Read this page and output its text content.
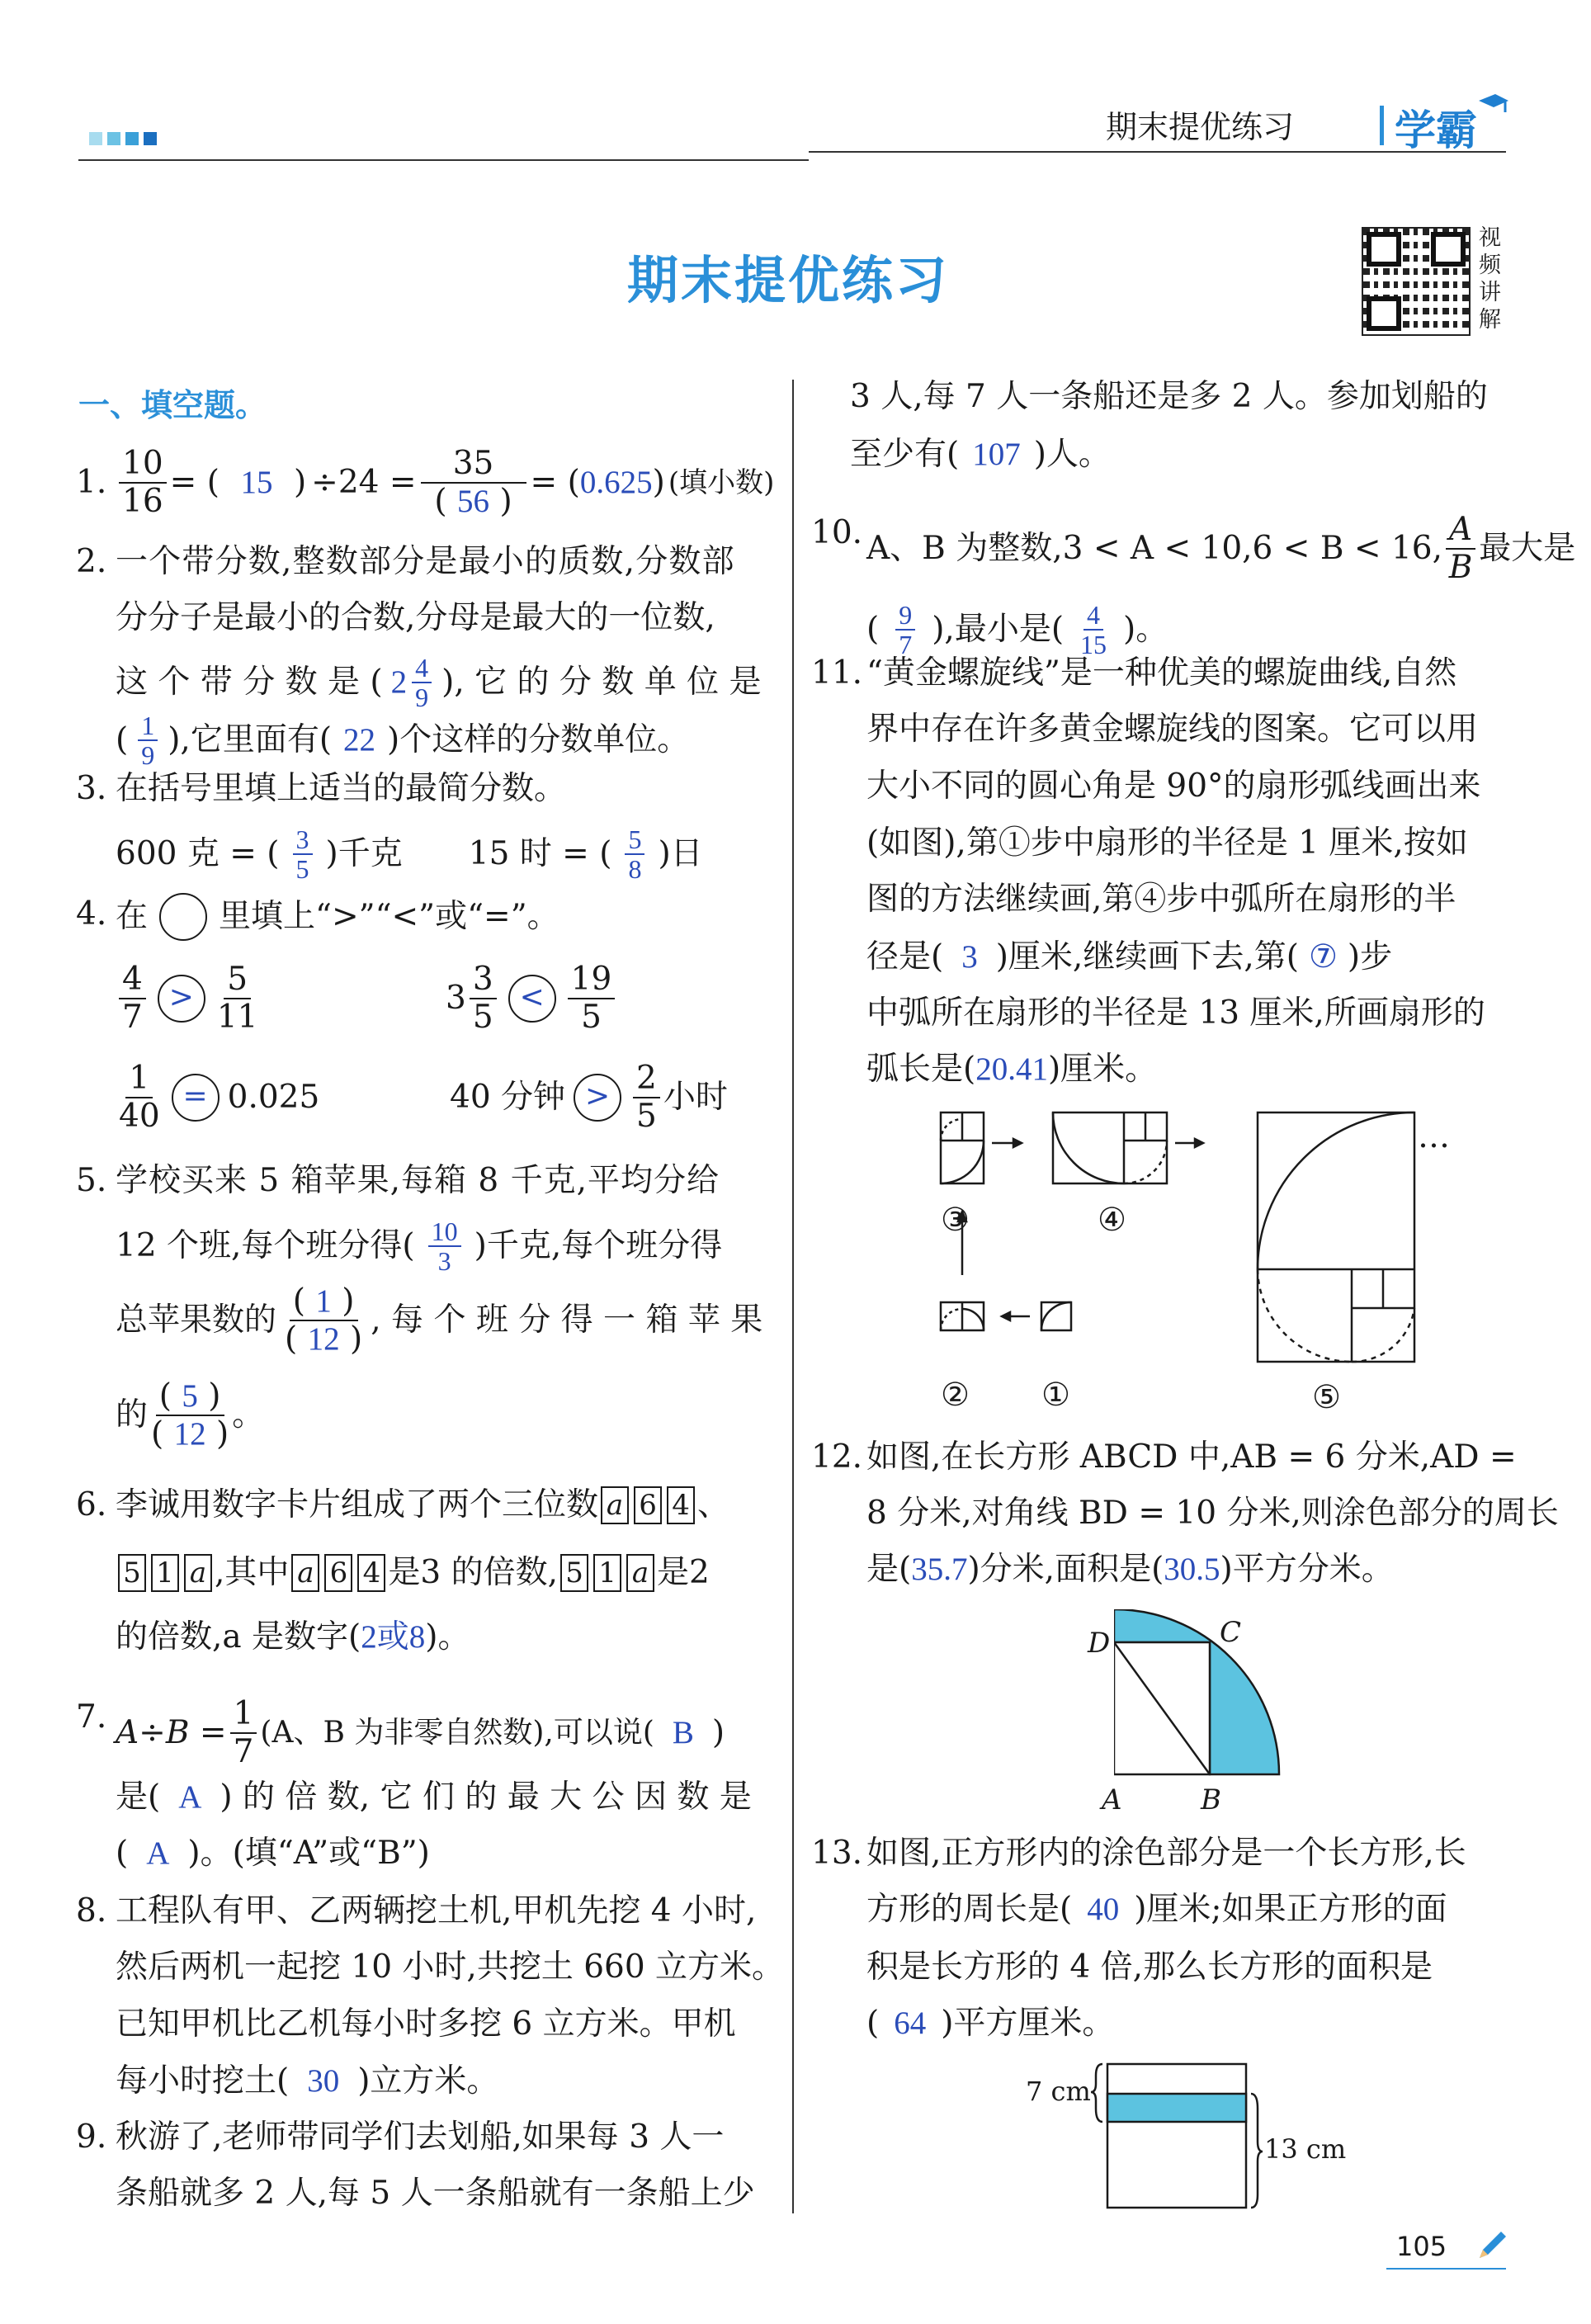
期末提优练习 学霸
期末提优练习
视
频
讲
解
一、填空题。
1. $\frac{10}{16}$ = ( 15 ) $\div 24 = \frac{35}{( 56 )}$ = ( 0.625 ) (填小数)
2. 一个带分数,整数部分是最小的质数,分数部
分分子是最小的合数,分母是最大的一位数,
这 个 带 分 数 是 ( $2 \frac{4}{9}$ ), 它 的 分 数 单 位 是
( $\frac{1}{9}$ ),它里面有( 22 )个这样的分数单位。
3. 在括号里填上适当的最简分数。
600 克 = ( $\frac{3}{5}$ )千克 15 时 = ( $\frac{5}{8}$ )日
4. 在 里填上“>”“<”或“=”。
$\frac{4}{7} > \frac{5}{11}$	$3 \frac{3}{5} < \frac{19}{5}$
$\frac{1}{40} = 0.025$	40 分钟 > $\frac{2}{5}$ 小时
5. 学校买来 5 箱苹果,每箱 8 千克,平均分给
12 个班,每个班分得( $\frac{10}{3}$ )千克,每个班分得
总苹果数的 $\frac{( 1 )}{( 12 )}$ , 每 个 班 分 得 一 箱 苹 果
的 $\frac{( 5 )}{( 12 )}$ 。
6. 李诚用数字卡片组成了两个三位数 a 6 4 、
5 1 a ,其中 a 6 4 是3 的倍数, 5 1 a 是2
的倍数,a 是数字(2或8)。
7. $A\div B = \frac{1}{7} (A$、B 为非零自然数),可以说( B )
是( A ) 的 倍 数, 它 们 的 最 大 公 因 数 是
( A )。(填“A”或“B”)
8. 工程队有甲、乙两辆挖土机,甲机先挖 4 小时,
然后两机一起挖 10 小时,共挖土 660 立方米。
已知甲机比乙机每小时多挖 6 立方米。甲机
每小时挖土( 30 )立方米。
9. 秋游了,老师带同学们去划船,如果每 3 人一
条船就多 2 人,每 5 人一条船就有一条船上少
3 人,每 7 人一条船还是多 2 人。参加划船的
至少有( 107 )人。
10. A、B 为整数,3 < A < 10,6 < B < 16, $\frac{A}{B}$ 最大是
( $\frac{9}{7}$ ),最小是( $\frac{4}{15}$ )。
11. “黄金螺旋线”是一种优美的螺旋曲线,自然
界中存在许多黄金螺旋线的图案。它可以用
大小不同的圆心角是 90°的扇形弧线画出来
(如图),第①步中扇形的半径是 1 厘米,按如
图的方法继续画,第④步中弧所在扇形的半
径是( 3 )厘米,继续画下去,第( ⑦ )步
中弧所在扇形的半径是 13 厘米,所画扇形的
弧长是(20.41)厘米。
③	④
② ①	⑤
…
12. 如图,在长方形 ABCD 中,AB = 6 分米,AD =
8 分米,对角线 BD = 10 分米,则涂色部分的周长
是(35.7)分米,面积是(30.5)平方分米。
D	C
A	B
13. 如图,正方形内的涂色部分是一个长方形,长
方形的周长是( 40 )厘米;如果正方形的面
积是长方形的 4 倍,那么长方形的面积是
( 64 )平方厘米。
7 cm
13 cm
105
